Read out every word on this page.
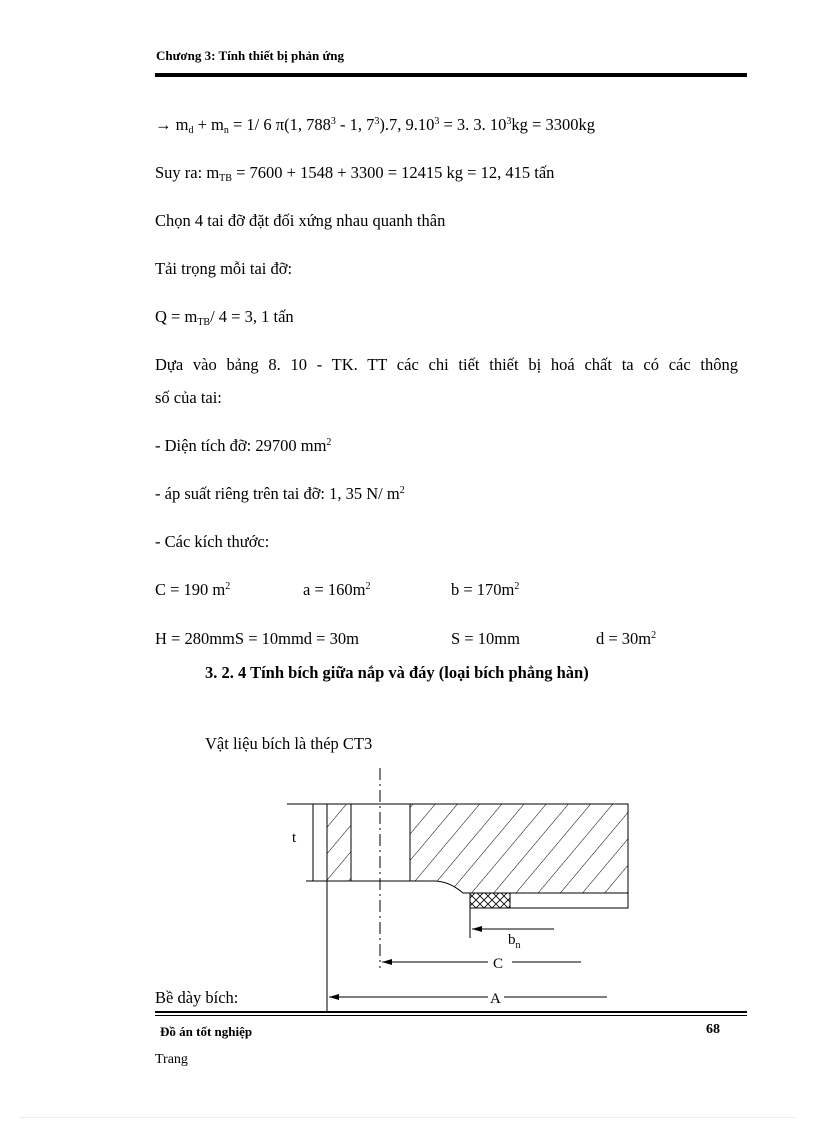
Chương 3: Tính thiết bị phản ứng
→ $m_d + m_n = 1/$ 6 π(1, $788^3 - 1$, $7^3).7$, $9.10^3 = 3$. 3. $10^3kg = 3300kg$
Suy ra: $m_{TB} = 7600 + 1548 + 3300 = 12415$ kg = 12, 415 tấn
Chọn 4 tai đỡ đặt đối xứng nhau quanh thân
Tải trọng mỗi tai đỡ:
$Q = m_{TB}/$ 4 = 3, 1 tấn
Dựa vào bảng 8. 10 - TK. TT các chi tiết thiết bị hoá chất ta có các thông
số của tai:
- Diện tích đỡ: 29700 $mm^2$
- áp suất riêng trên tai đỡ: 1, 35 N/ $m^2$
- Các kích thước:
C = 190 $m^2$	$a = 160m^2$	$b = 170m^2$
H = 280mmS = 10mmd = 30m	S = 10mm	$d = 30m^2$
3. 2. 4 Tính bích giữa nắp và đáy (loại bích phẳng hàn)
Vật liệu bích là thép CT3
t
$b_n$
C
A
Bề dày bích:
Đồ án tốt nghiệp	68
Trang
